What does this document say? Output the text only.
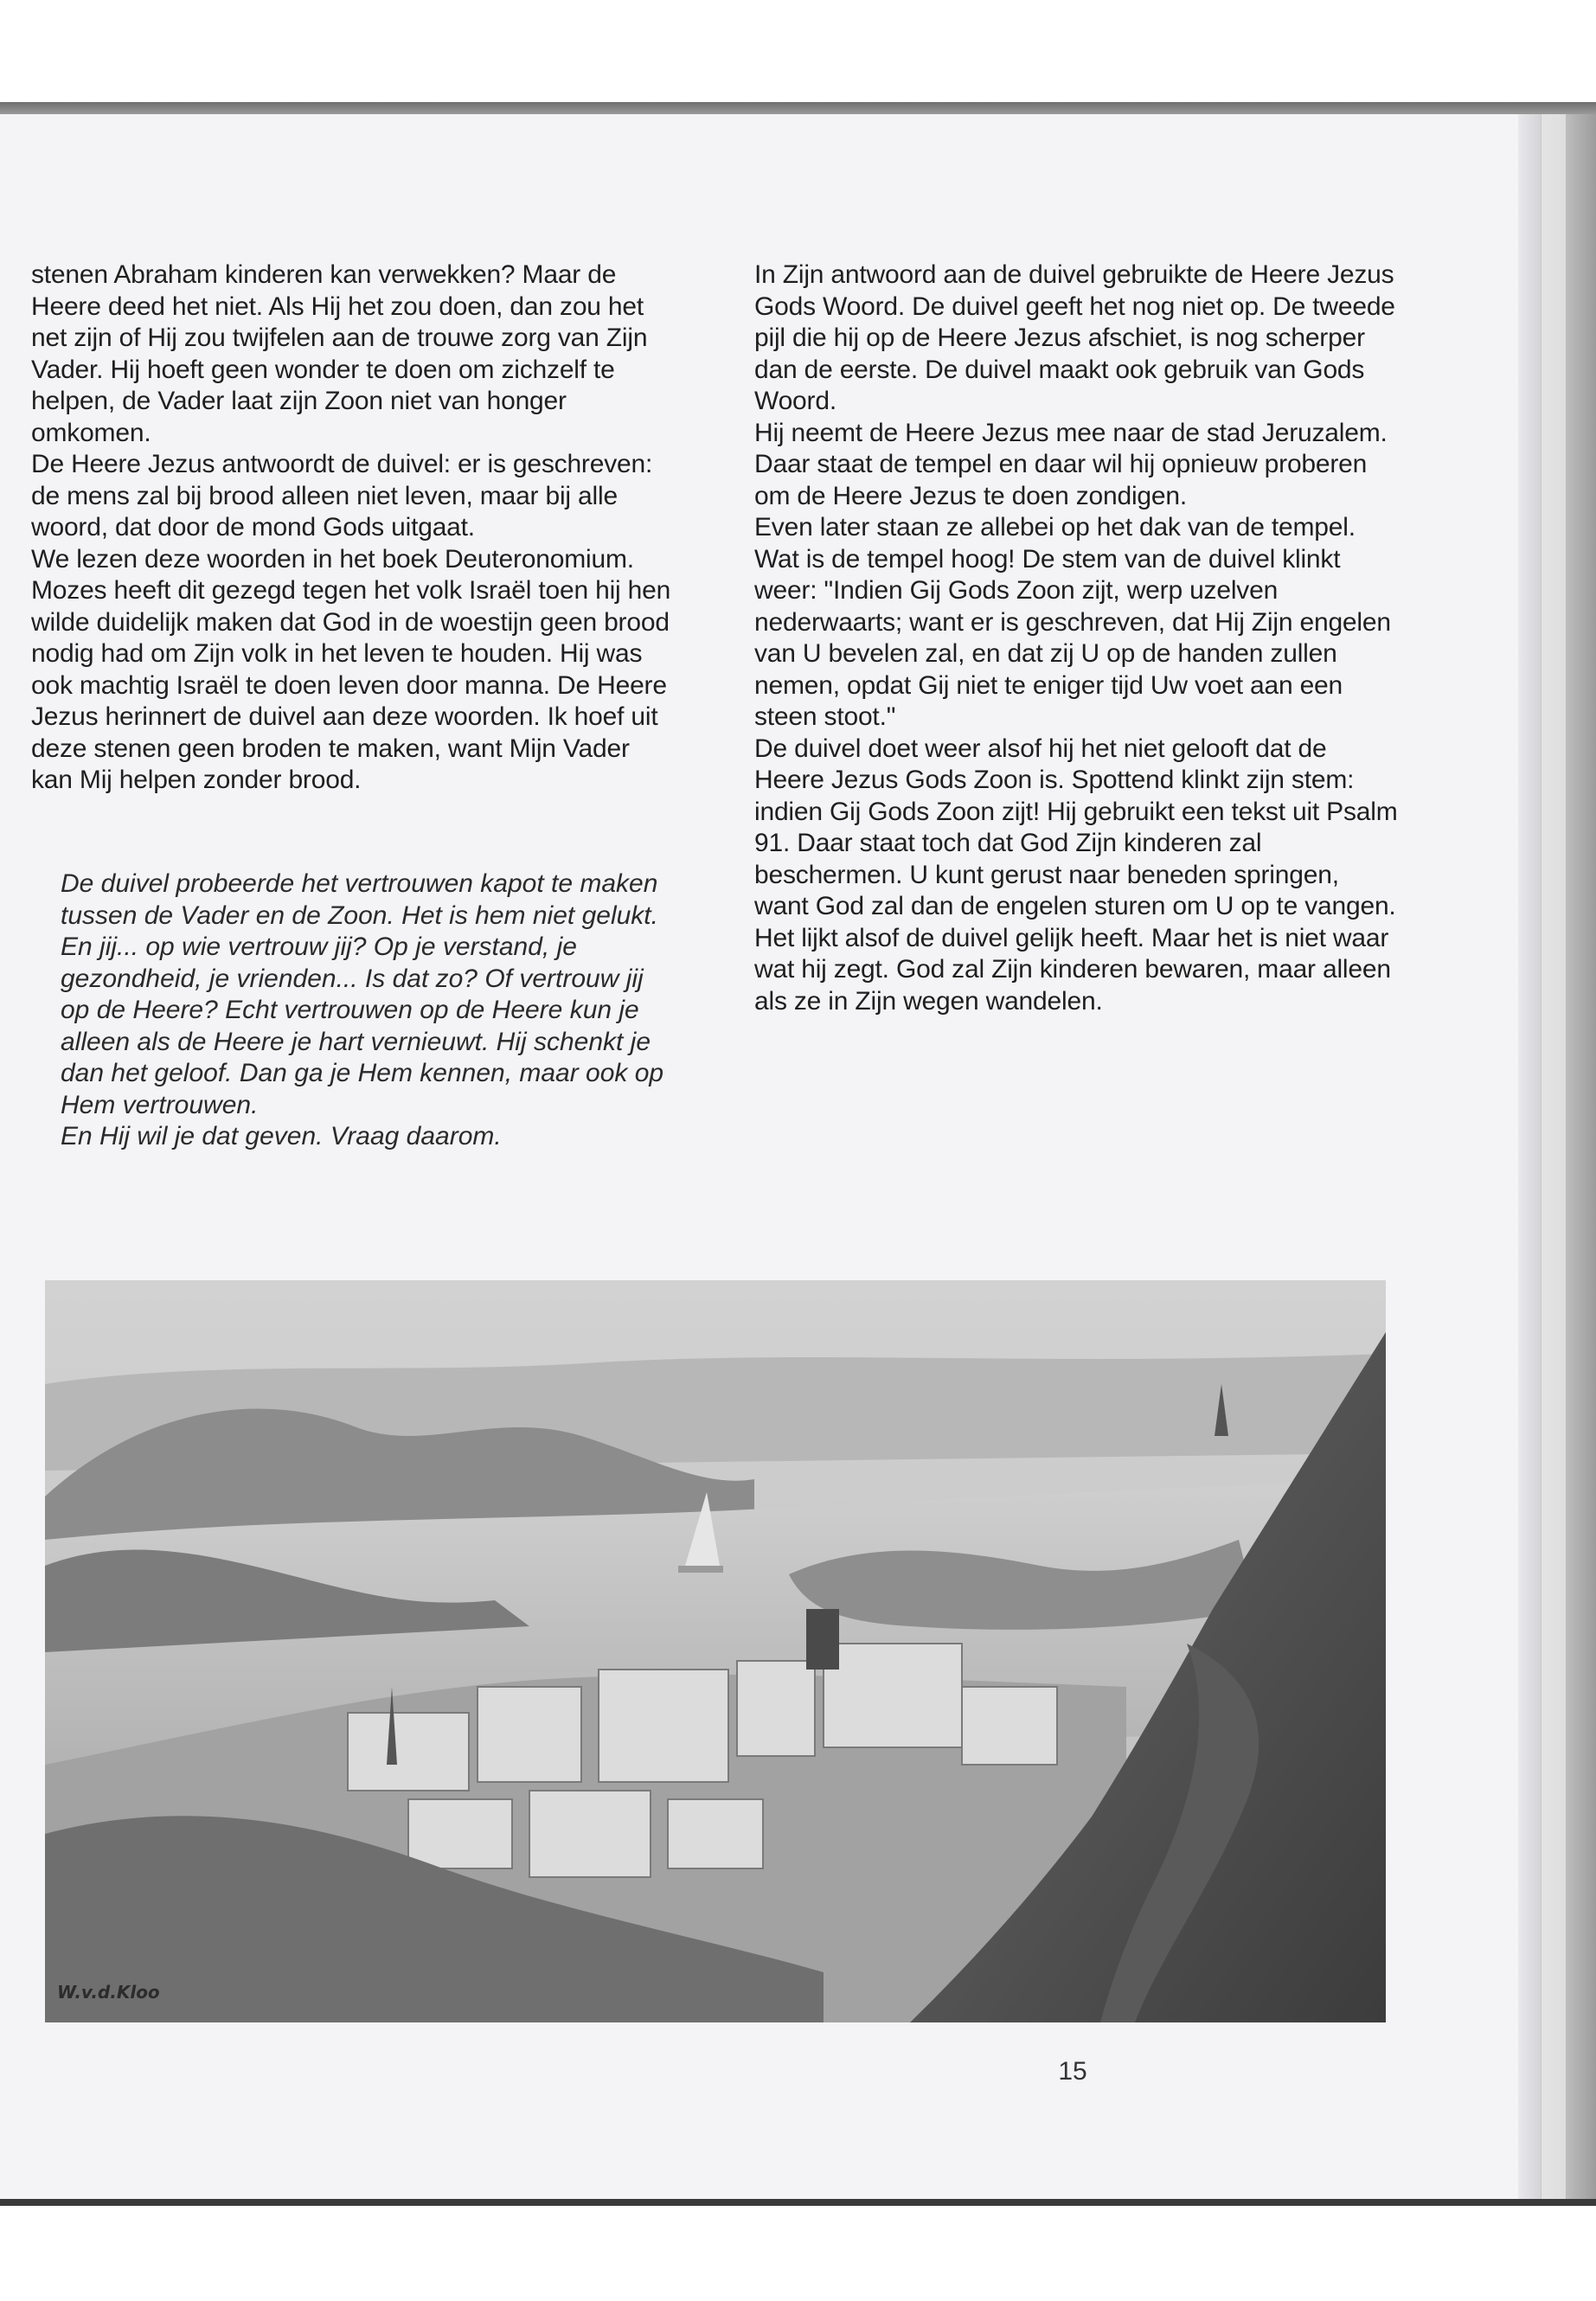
stenen Abraham kinderen kan verwekken? Maar de Heere deed het niet. Als Hij het zou doen, dan zou het net zijn of Hij zou twijfelen aan de trouwe zorg van Zijn Vader. Hij hoeft geen wonder te doen om zichzelf te helpen, de Vader laat zijn Zoon niet van honger omkomen.

De Heere Jezus antwoordt de duivel: er is geschreven: de mens zal bij brood alleen niet leven, maar bij alle woord, dat door de mond Gods uitgaat.

We lezen deze woorden in het boek Deuteronomium. Mozes heeft dit gezegd tegen het volk Israël toen hij hen wilde duidelijk maken dat God in de woestijn geen brood nodig had om Zijn volk in het leven te houden. Hij was ook machtig Israël te doen leven door manna. De Heere Jezus herinnert de duivel aan deze woorden. Ik hoef uit deze stenen geen broden te maken, want Mijn Vader kan Mij helpen zonder brood.

De duivel probeerde het vertrouwen kapot te maken tussen de Vader en de Zoon. Het is hem niet gelukt. En jij... op wie vertrouw jij? Op je verstand, je gezondheid, je vrienden... Is dat zo? Of vertrouw jij op de Heere? Echt vertrouwen op de Heere kun je alleen als de Heere je hart vernieuwt. Hij schenkt je dan het geloof. Dan ga je Hem kennen, maar ook op Hem vertrouwen.

En Hij wil je dat geven. Vraag daarom.

In Zijn antwoord aan de duivel gebruikte de Heere Jezus Gods Woord. De duivel geeft het nog niet op. De tweede pijl die hij op de Heere Jezus afschiet, is nog scherper dan de eerste. De duivel maakt ook gebruik van Gods Woord.

Hij neemt de Heere Jezus mee naar de stad Jeruzalem. Daar staat de tempel en daar wil hij opnieuw proberen om de Heere Jezus te doen zondigen.

Even later staan ze allebei op het dak van de tempel. Wat is de tempel hoog! De stem van de duivel klinkt weer: "Indien Gij Gods Zoon zijt, werp uzelven nederwaarts; want er is geschreven, dat Hij Zijn engelen van U bevelen zal, en dat zij U op de handen zullen nemen, opdat Gij niet te eniger tijd Uw voet aan een steen stoot."

De duivel doet weer alsof hij het niet gelooft dat de Heere Jezus Gods Zoon is. Spottend klinkt zijn stem: indien Gij Gods Zoon zijt! Hij gebruikt een tekst uit Psalm 91. Daar staat toch dat God Zijn kinderen zal beschermen. U kunt gerust naar beneden springen, want God zal dan de engelen sturen om U op te vangen.

Het lijkt alsof de duivel gelijk heeft. Maar het is niet waar wat hij zegt. God zal Zijn kinderen bewaren, maar alleen als ze in Zijn wegen wandelen.

W.v.d.Kloo
15
